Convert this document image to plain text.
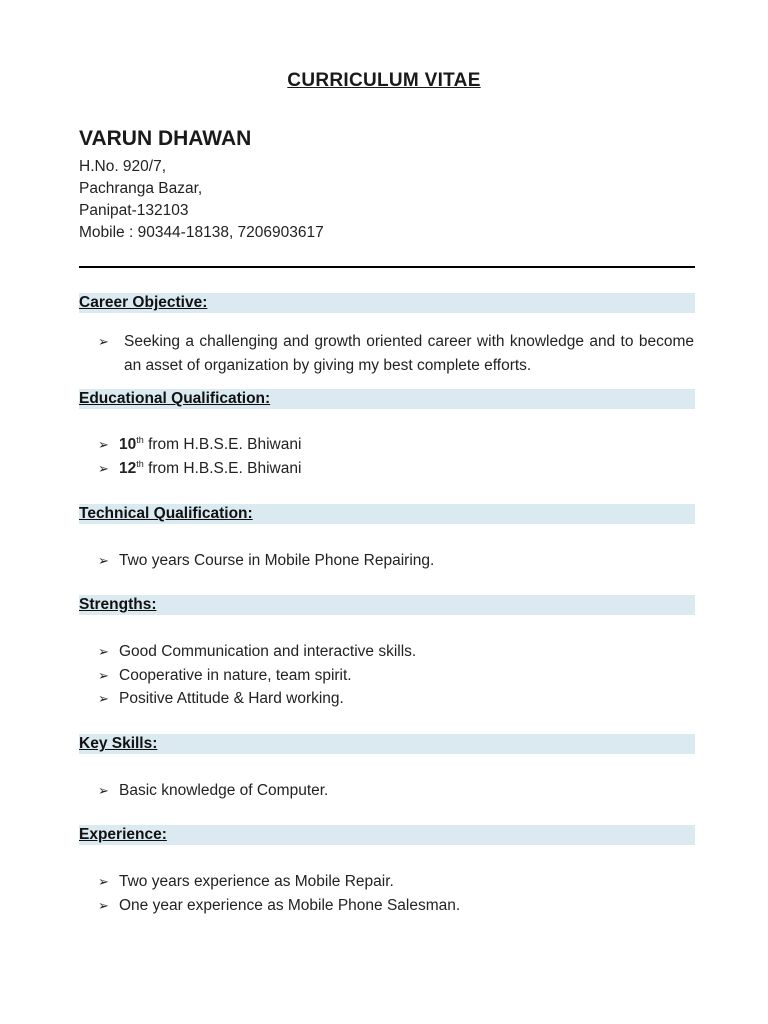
CURRICULUM VITAE
VARUN DHAWAN
H.No. 920/7,
Pachranga Bazar,
Panipat-132103
Mobile : 90344-18138, 7206903617
Career Objective:
➢ Seeking a challenging and growth oriented career with knowledge and to become an asset of organization by giving my best complete efforts.
Educational Qualification:
➢ 10th from H.B.S.E. Bhiwani
➢ 12th from H.B.S.E. Bhiwani
Technical Qualification:
➢ Two years Course in Mobile Phone Repairing.
Strengths:
➢ Good Communication and interactive skills.
➢ Cooperative in nature, team spirit.
➢ Positive Attitude & Hard working.
Key Skills:
➢ Basic knowledge of Computer.
Experience:
➢ Two years experience as Mobile Repair.
➢ One year experience as Mobile Phone Salesman.
